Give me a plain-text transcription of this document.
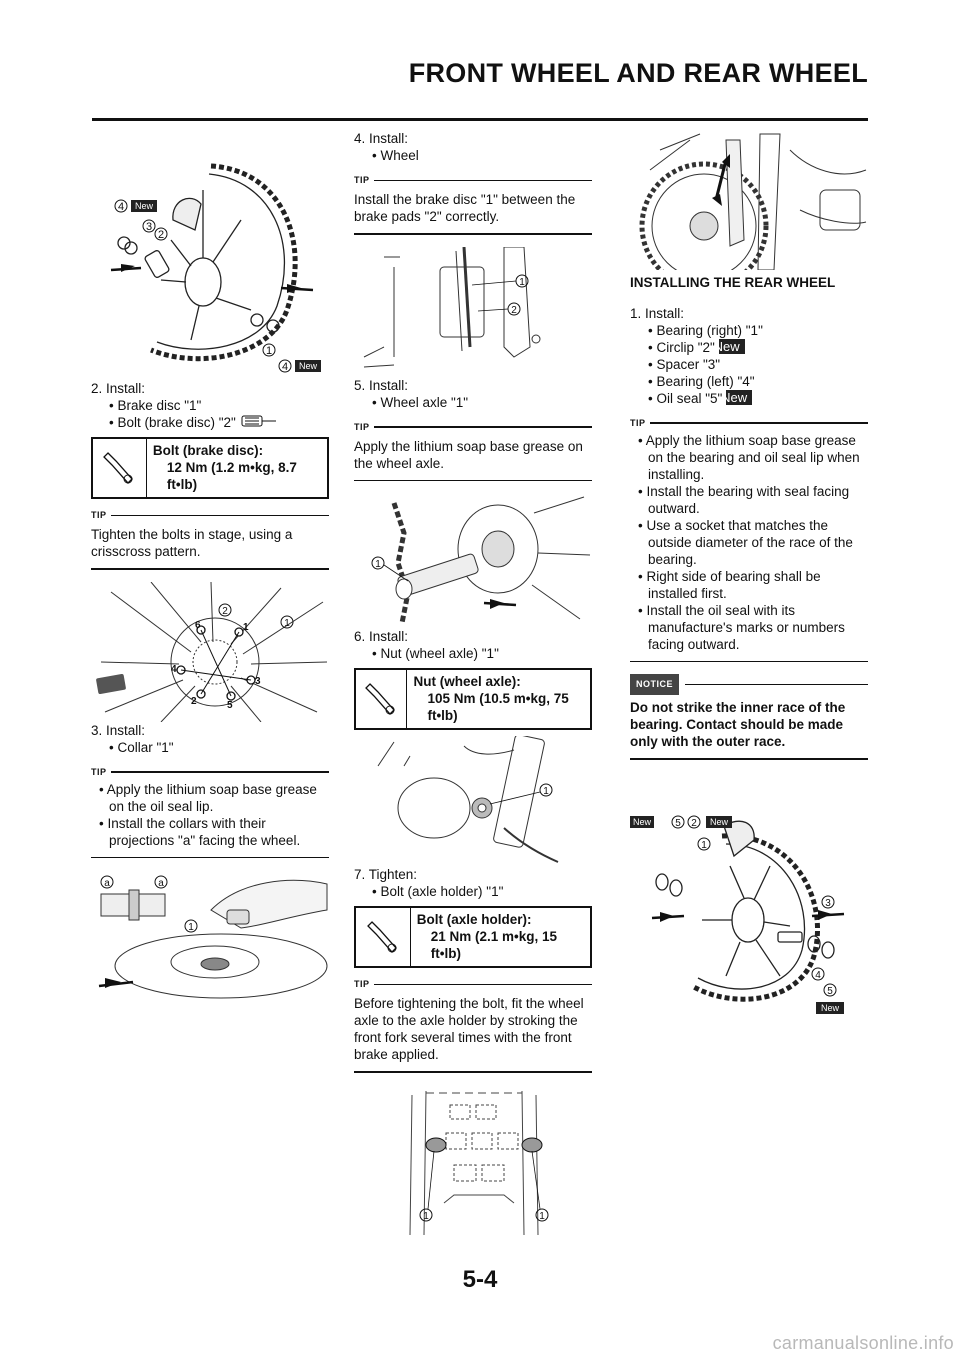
FRONT WHEEL AND REAR WHEEL
4
3
2
1
4
New
New

2. Install:

• Brake disc "1"

• Bolt (brake disc) "2"

Bolt (brake disc):
12 Nm (1.2 m•kg, 8.7 ft•lb)
TIP

Tighten the bolts in stage, using a crisscross pattern.

6	1
4
3
2	5
2
1

3. Install:

• Collar "1"

TIP

• Apply the lithium soap base grease on the oil seal lip.

• Install the collars with their projections "a" facing the wheel.

a	a
1

4. Install:

• Wheel

TIP

Install the brake disc "1" between the brake pads "2" correctly.

1
2

5. Install:

• Wheel axle "1"

TIP

Apply the lithium soap base grease on the wheel axle.

1

6. Install:

• Nut (wheel axle) "1"

Nut (wheel axle):
105 Nm (10.5 m•kg, 75 ft•lb)
1

7. Tighten:

• Bolt (axle holder) "1"

Bolt (axle holder):
21 Nm (2.1 m•kg, 15 ft•lb)
TIP

Before tightening the bolt, fit the wheel axle to the axle holder by stroking the front fork several times with the front brake applied.

1	1

INSTALLING THE REAR WHEEL

1. Install:

• Bearing (right) "1"

• Circlip "2" New

• Spacer "3"

• Bearing (left) "4"

• Oil seal "5" New

TIP

• Apply the lithium soap base grease on the bearing and oil seal lip when installing.

• Install the bearing with seal facing outward.

• Use a socket that matches the outside diameter of the race of the bearing.

• Right side of bearing shall be installed first.

• Install the oil seal with its manufacture's marks or numbers facing outward.

NOTICE

Do not strike the inner race of the bearing. Contact should be made only with the outer race.

New 5 2 New
1
3
4
5
New
5-4
carmanualsonline.info
